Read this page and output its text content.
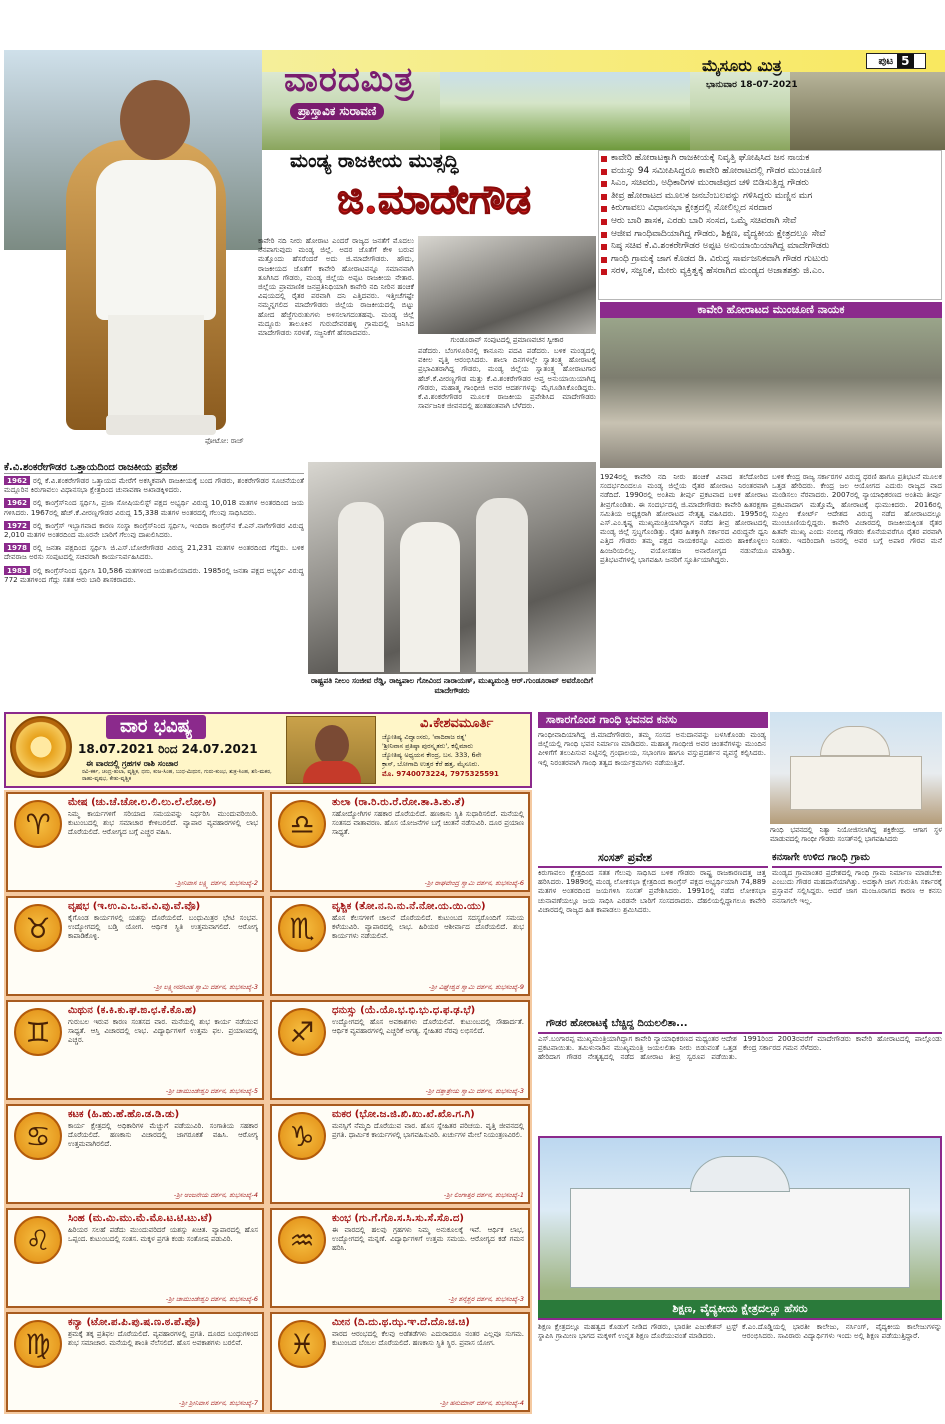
ವಾರದಮಿತ್ರ
ಪ್ರಾಸ್ತಾವಿಕ ಸುರಾವಣಿ
ಮೈಸೂರು ಮಿತ್ರ
ಭಾನುವಾರ 18-07-2021
ಪುಟ 5
ಫೋಟೋ: ರಾಜ್
ಮಂಡ್ಯ ರಾಜಕೀಯ ಮುತ್ಸದ್ಧಿ
ಜಿ.ಮಾದೇಗೌಡ
ಕಾವೇರಿ ಹೋರಾಟಕ್ಕಾಗಿ ರಾಜಕೀಯಕ್ಕೆ ನಿವೃತ್ತಿ ಘೋಷಿಸಿದ ಜನ ನಾಯಕ
ವಯಸ್ಸು 94 ಸಮೀಪಿಸಿದ್ದರೂ ಕಾವೇರಿ ಹೋರಾಟದಲ್ಲಿ ಗೌಡರ ಮುಂಚೂಣಿ
ಸಿಎಂ, ಸಚಿವರು, ಅಧಿಕಾರಿಗಳ ಮುರಾಜಿವುದ ಚಳಿ ಬಿಡಿಸುತ್ತಿದ್ದ ಗೌಡರು
ತೀವ್ರ ಹೋರಾಟದ ಮೂಲಕ ಜನಬೆಂಬಲವನ್ನು ಗಳಿಸಿದ್ದರು ಮಣ್ಣಿನ ಮಗ
ಕಿರುಗಾವಲು ವಿಧಾನಸಭಾ ಕ್ಷೇತ್ರದಲ್ಲಿ ಸೋಲಿಲ್ಲದ ಸರದಾರ
ಆರು ಬಾರಿ ಶಾಸಕ, ಎರಡು ಬಾರಿ ಸಂಸದ, ಒಮ್ಮೆ ಸಚಿವರಾಗಿ ಸೇವೆ
ಆಜೀವ ಗಾಂಧಿವಾದಿಯಾಗಿದ್ದ ಗೌಡರು, ಶಿಕ್ಷಣ, ವೈದ್ಯಕೀಯ ಕ್ಷೇತ್ರದಲ್ಲೂ ಸೇವೆ
ನಿಷ್ಠ ಸಚಿವ ಕೆ.ವಿ.ಶಂಕರೇಗೌಡರ ಅಪ್ಪಟ ಅನುಯಾಯಿಯಾಗಿದ್ದ ಮಾದೇಗೌಡರು
ಗಾಂಧಿ ಗ್ರಾಮಕ್ಕೆ ಜಾಗ ಕೊಡದ ಡಿ. ವಿರುದ್ಧ ಸಾರ್ವಜನಿಕವಾಗಿ ಗೌಡರ ಗುಟುರು
ಸರಳ, ಸಜ್ಜನಿಕೆ, ಮೇರು ವ್ಯಕ್ತಿತ್ವಕ್ಕೆ ಹೆಸರಾಗಿದ ಮಂಡ್ಯದ ಅಜಾತಶತ್ರು ಜಿ.ಎಂ.
ಕಾವೇರಿ ನದಿ ನೀರು ಹೋರಾಟ ಎಂದರೆ ರಾಜ್ಯದ ಜನತೆಗೆ ಮೊದಲು ನೆನಪಾಗುವುದು ಮಂಡ್ಯ ಜಿಲ್ಲೆ. ಅದರ ಜೊತೆಗೆ ಕೇಳಿ ಬರುವ ಮತ್ತೊಂದು ಹೆಸರೆಂದರೆ ಅದು ಜಿ.ಮಾದೇಗೌಡರು. ಹೌದು, ರಾಜಕೀಯದ ಜೊತೆಗೆ ಕಾವೇರಿ ಹೋರಾಟವನ್ನೂ ಸಮಾನವಾಗಿ ತೂಗಿಸಿದ ಗೌಡರು, ಮಂಡ್ಯ ಜಿಲ್ಲೆಯ ಅಪ್ಪಟ ರಾಜಕೀಯ ನೇತಾರ. ಜಿಲ್ಲೆಯ ಪ್ರಾಮಾಣಿಕ ಜನಪ್ರತಿನಿಧಿಯಾಗಿ ಕಾವೇರಿ ನದಿ ನೀರಿನ ಹಂಚಿಕೆ ವಿಷಯದಲ್ಲಿ ರೈತರ ಪರವಾಗಿ ದನಿ ಎತ್ತಿದವರು. ಇತ್ತೀಚೆಗಷ್ಟೇ ನಮ್ಮನ್ನಗಲಿದ ಮಾದೇಗೌಡರು ಜಿಲ್ಲೆಯ ರಾಜಕೀಯದಲ್ಲಿ ಬಿಟ್ಟು ಹೋದ ಹೆಜ್ಜೆಗುರುತುಗಳು ಅಳಿಸಲಾಗದಂತಹವು. ಮಂಡ್ಯ ಜಿಲ್ಲೆ ಮದ್ದೂರು ತಾಲೂಕಿನ ಗುರುದೇವರಹಳ್ಳಿ ಗ್ರಾಮದಲ್ಲಿ ಜನಿಸಿದ ಮಾದೇಗೌಡರು ಸರಳತೆ, ಸಜ್ಜನಿಕೆಗೆ ಹೆಸರಾದವರು.
ಗುಂಡೂರಾವ್ ಸಂಪುಟದಲ್ಲಿ ಪ್ರಮಾಣವಚನ ಸ್ವೀಕಾರ
ಪಡೆದರು. ಬೆಂಗಳೂರಿನಲ್ಲಿ ಕಾನೂನು ಪದವಿ ಪಡೆದರು. ಬಳಿಕ ಮಂಡ್ಯದಲ್ಲಿ ವಕೀಲ ವೃತ್ತಿ ಆರಂಭಿಸಿದರು. ಶಾಲಾ ದಿನಗಳಲ್ಲೇ ಸ್ವಾತಂತ್ರ್ಯ ಹೋರಾಟಕ್ಕೆ ಪ್ರಭಾವಿತರಾಗಿದ್ದ ಗೌಡರು, ಮಂಡ್ಯ ಜಿಲ್ಲೆಯ ಸ್ವಾತಂತ್ರ್ಯ ಹೋರಾಟಗಾರ ಹೆಚ್.ಕೆ.ವೀರಣ್ಣಗೌಡ ಮತ್ತು ಕೆ.ವಿ.ಶಂಕರೇಗೌಡರ ಆಪ್ತ ಅನುಯಾಯಿಯಾಗಿದ್ದ ಗೌಡರು, ಮಹಾತ್ಮ ಗಾಂಧೀಜಿ ಅವರ ಆದರ್ಶಗಳನ್ನು ಮೈಗೂಡಿಸಿಕೊಂಡಿದ್ದರು. ಕೆ.ವಿ.ಶಂಕರೇಗೌಡರ ಮೂಲಕ ರಾಜಕೀಯ ಪ್ರವೇಶಿಸಿದ ಮಾದೇಗೌಡರು ಸಾರ್ವಜನಿಕ ಜೀವನದಲ್ಲಿ ಹಂತಹಂತವಾಗಿ ಬೆಳೆದರು.
ಕೆ.ವಿ.ಶಂಕರೇಗೌಡರ ಒತ್ತಾಯದಿಂದ ರಾಜಕೀಯ ಪ್ರವೇಶ
1962 ರಲ್ಲಿ ಕೆ.ವಿ.ಶಂಕರೇಗೌಡರ ಒತ್ತಾಯದ ಮೇರೆಗೆ ಅಕಸ್ಮಿಕವಾಗಿ ರಾಜಕೀಯಕ್ಕೆ ಬಂದ ಗೌಡರು, ಶಂಕರೇಗೌಡರ ಸೂಚನೆಯಂತೆ ಮದ್ದೂರಿನ ಕಿರುಗಾವಲು ವಿಧಾನಸಭಾ ಕ್ಷೇತ್ರದಿಂದ ಚುನಾವಣಾ ಅಖಾಡಕ್ಕಿಳಿದರು.
1962 ರಲ್ಲಿ ಕಾಂಗ್ರೆಸ್‌ನಿಂದ ಸ್ಪರ್ಧಿಸಿ, ಪ್ರಜಾ ಸೋಷಿಯಲಿಸ್ಟ್ ಪಕ್ಷದ ಅಭ್ಯರ್ಥಿ ವಿರುದ್ಧ 10,018 ಮತಗಳ ಅಂತರದಿಂದ ಜಯ ಗಳಿಸಿದರು. 1967ರಲ್ಲಿ ಹೆಚ್.ಕೆ.ವೀರಣ್ಣಗೌಡರ ವಿರುದ್ಧ 15,338 ಮತಗಳ ಅಂತರದಲ್ಲಿ ಗೆಲುವು ಸಾಧಿಸಿದರು.
1972 ರಲ್ಲಿ ಕಾಂಗ್ರೆಸ್ ಇಬ್ಭಾಗವಾದ ಕಾರಣ ಸಂಸ್ಥಾ ಕಾಂಗ್ರೆಸ್‌ನಿಂದ ಸ್ಪರ್ಧಿಸಿ, ಇಂದಿರಾ ಕಾಂಗ್ರೆಸ್‌ನ ಕೆ.ಎನ್.ನಾಗೇಗೌಡರ ವಿರುದ್ಧ 2,010 ಮತಗಳ ಅಂತರದಿಂದ ಮೂರನೇ ಬಾರಿಗೆ ಗೆಲುವು ದಾಖಲಿಸಿದರು.
1978 ರಲ್ಲಿ ಜನತಾ ಪಕ್ಷದಿಂದ ಸ್ಪರ್ಧಿಸಿ ಜಿ.ಎಸ್.ಬೋರೇಗೌಡರ ವಿರುದ್ಧ 21,231 ಮತಗಳ ಅಂತರದಿಂದ ಗೆದ್ದರು. ಬಳಿಕ ದೇವರಾಜ ಅರಸು ಸಂಪುಟದಲ್ಲಿ ಸಚಿವರಾಗಿ ಕಾರ್ಯನಿರ್ವಹಿಸಿದರು.
1983 ರಲ್ಲಿ ಕಾಂಗ್ರೆಸ್‌ನಿಂದ ಸ್ಪರ್ಧಿಸಿ 10,586 ಮತಗಳಿಂದ ಜಯಶಾಲಿಯಾದರು. 1985ರಲ್ಲಿ ಜನತಾ ಪಕ್ಷದ ಅಭ್ಯರ್ಥಿ ವಿರುದ್ಧ 772 ಮತಗಳಿಂದ ಗೆದ್ದು ಸತತ ಆರು ಬಾರಿ ಶಾಸಕರಾದರು.
ರಾಷ್ಟ್ರಪತಿ ನೀಲಂ ಸಂಜೀವ ರೆಡ್ಡಿ, ರಾಜ್ಯಪಾಲ ಗೋವಿಂದ ನಾರಾಯಣ್, ಮುಖ್ಯಮಂತ್ರಿ ಆರ್.ಗುಂಡೂರಾವ್ ಅವರೊಂದಿಗೆ ಮಾದೇಗೌಡರು
ಕಾವೇರಿ ಹೋರಾಟದ ಮುಂಚೂಣಿ ನಾಯಕ
1924ರಲ್ಲಿ ಕಾವೇರಿ ನದಿ ನೀರು ಹಂಚಿಕೆ ವಿವಾದ ತಲೆದೋರಿದ ಸಂದರ್ಭದಿಂದಲೂ ಮಂಡ್ಯ ಜಿಲ್ಲೆಯ ರೈತರ ಹೋರಾಟ ನಿರಂತರವಾಗಿ ನಡೆದಿದೆ. 1990ರಲ್ಲಿ ಅಂತಿಮ ತೀರ್ಪು ಪ್ರಕಟವಾದ ಬಳಿಕ ಹೋರಾಟ ತೀವ್ರಗೊಂಡಿತು. ಈ ಸಂದರ್ಭದಲ್ಲಿ ಜಿ.ಮಾದೇಗೌಡರು ಕಾವೇರಿ ಹಿತರಕ್ಷಣಾ ಸಮಿತಿಯ ಅಧ್ಯಕ್ಷರಾಗಿ ಹೋರಾಟದ ನೇತೃತ್ವ ವಹಿಸಿದರು. 1995ರಲ್ಲಿ ಎಸ್.ಎಂ.ಕೃಷ್ಣ ಮುಖ್ಯಮಂತ್ರಿಯಾಗಿದ್ದಾಗ ನಡೆದ ತೀವ್ರ ಹೋರಾಟದಲ್ಲಿ ಮಂಡ್ಯ ಜಿಲ್ಲೆ ಸ್ತಬ್ಧಗೊಂಡಿತ್ತು. ರೈತರ ಹಿತಕ್ಕಾಗಿ ಸರ್ಕಾರದ ವಿರುದ್ಧವೇ ಧ್ವನಿ ಎತ್ತಿದ ಗೌಡರು ತಮ್ಮ ಪಕ್ಷದ ನಾಯಕರನ್ನೂ ಎದುರು ಹಾಕಿಕೊಳ್ಳಲು ಹಿಂಜರಿಯಲಿಲ್ಲ. ವಯೋಸಹಜ ಅನಾರೋಗ್ಯದ ನಡುವೆಯೂ ಪ್ರತಿಭಟನೆಗಳಲ್ಲಿ ಭಾಗವಹಿಸಿ ಜನರಿಗೆ ಸ್ಫೂರ್ತಿಯಾಗಿದ್ದರು.
ಬಳಿಕ ಕೇಂದ್ರ ರಾಜ್ಯ ಸರ್ಕಾರಗಳ ವಿರುದ್ಧ ಧರಣಿ ಹಾಗೂ ಪ್ರತಿಭಟನೆ ಮೂಲಕ ಒತ್ತಡ ಹೇರಿದರು. ಕೇಂದ್ರ ಜಲ ಆಯೋಗದ ಎದುರು ರಾಜ್ಯದ ವಾದ ಮಂಡಿಸಲು ನೆರವಾದರು. 2007ರಲ್ಲಿ ನ್ಯಾಯಾಧಿಕರಣದ ಅಂತಿಮ ತೀರ್ಪು ಪ್ರಕಟವಾದಾಗ ಮತ್ತೊಮ್ಮೆ ಹೋರಾಟಕ್ಕೆ ಧುಮುಕಿದರು. 2016ರಲ್ಲಿ ಸುಪ್ರೀಂ ಕೋರ್ಟ್ ಆದೇಶದ ವಿರುದ್ಧ ನಡೆದ ಹೋರಾಟದಲ್ಲೂ ಮುಂಚೂಣಿಯಲ್ಲಿದ್ದರು. ಕಾವೇರಿ ವಿಚಾರದಲ್ಲಿ ರಾಜಕೀಯಕ್ಕಿಂತ ರೈತರ ಹಿತವೇ ಮುಖ್ಯ ಎಂದು ನಂಬಿದ್ದ ಗೌಡರು ಕೊನೆಯವರೆಗೂ ರೈತರ ಪರವಾಗಿ ನಿಂತರು. ಇದರಿಂದಾಗಿ ಜನರಲ್ಲಿ ಅವರ ಬಗ್ಗೆ ಅಪಾರ ಗೌರವ ಮನೆ ಮಾಡಿತ್ತು.
ವಾರ ಭವಿಷ್ಯ
18.07.2021 ರಿಂದ 24.07.2021
ಈ ವಾರದಲ್ಲಿ ಗ್ರಹಗಳ ರಾಶಿ ಸಂಚಾರ
ರವಿ-ಕರ್ಕ, ಚಂದ್ರ-ತುಲಾ, ವೃಶ್ಚಿಕ, ಧನು, ಕುಜ-ಸಿಂಹ, ಬುಧ-ಮಿಥುನ, ಗುರು-ಕುಂಭ, ಶುಕ್ರ-ಸಿಂಹ, ಶನಿ-ಮಕರ, ರಾಹು-ವೃಷಭ, ಕೇತು-ವೃಶ್ಚಿಕ
ವಿ.ಕೇಶವಮೂರ್ತಿ
ಜ್ಯೋತಿಷ್ಯ ವಿದ್ವಾಂಸರು, 'ವಾದಿರಾಜ ರತ್ನ'
'ಶ್ರೀನಿವಾಸ ಪ್ರತಿಷ್ಠಾ ಪುರಸ್ಕೃತರು', ಕಲ್ಲಿಮಾರು
ಜ್ಯೋತಿಷ್ಯ ಅಧ್ಯಯನ ಕೇಂದ್ರ, ಬಸ. 333, 6ನೇ
ಕ್ರಾಸ್, ಬೋಗಾದಿ ಉತ್ತರ ಕೆರೆ ಹತ್ತ, ಮೈಸೂರು.
ಮೊ. 9740073224, 7975325591
♈
ಮೇಷ (ಚು.ಚೆ.ಚೋ.ಲ.ಲಿ.ಲು.ಲೆ.ಲೋ.ಅ)
ನಿಮ್ಮ ಕಾರ್ಯಗಳಿಗೆ ಸರಿಯಾದ ಸಮಯವನ್ನು ನಿರ್ಧರಿಸಿ ಮುಂದುವರಿಯಿರಿ. ಕುಟುಂಬದಲ್ಲಿ ಶುಭ ಸಮಾಚಾರ ಕೇಳಿಬರಲಿದೆ. ವ್ಯಾಪಾರ ವ್ಯವಹಾರಗಳಲ್ಲಿ ಲಾಭ ದೊರೆಯಲಿದೆ. ಆರೋಗ್ಯದ ಬಗ್ಗೆ ಎಚ್ಚರ ವಹಿಸಿ.
-ಶ್ರೀನಿವಾಸ ಲಕ್ಷ್ಮಿ ದರ್ಶನ, ಶುಭಸಂಖ್ಯೆ-2
♎
ತುಲಾ (ರಾ.ರಿ.ರು.ರೆ.ರೋ.ತಾ.ತಿ.ತು.ತೆ)
ಸಹೋದ್ಯೋಗಿಗಳ ಸಹಕಾರ ದೊರೆಯಲಿದೆ. ಹಣಕಾಸು ಸ್ಥಿತಿ ಸುಧಾರಿಸಲಿದೆ. ಮನೆಯಲ್ಲಿ ಸಂತಸದ ವಾತಾವರಣ. ಹೊಸ ಯೋಜನೆಗಳ ಬಗ್ಗೆ ಚಿಂತನೆ ನಡೆಸುವಿರಿ. ದೂರ ಪ್ರಯಾಣ ಸಾಧ್ಯತೆ.
-ಶ್ರೀ ರಾಘವೇಂದ್ರ ಸ್ವಾಮಿ ದರ್ಶನ, ಶುಭಸಂಖ್ಯೆ-6
♉
ವೃಷಭ (ಇ.ಉ.ಎ.ಒ.ವ.ವಿ.ವು.ವೆ.ವೊ)
ಕೈಗೊಂಡ ಕಾರ್ಯಗಳಲ್ಲಿ ಯಶಸ್ಸು ದೊರೆಯಲಿದೆ. ಬಂಧುಮಿತ್ರರ ಭೇಟಿ ಸಂಭವ. ಉದ್ಯೋಗದಲ್ಲಿ ಬಡ್ತಿ ಯೋಗ. ಆರ್ಥಿಕ ಸ್ಥಿತಿ ಉತ್ತಮವಾಗಲಿದೆ. ಆರೋಗ್ಯ ಕಾಪಾಡಿಕೊಳ್ಳಿ.
-ಶ್ರೀ ಲಕ್ಷ್ಮೀನರಸಿಂಹ ಸ್ವಾಮಿ ದರ್ಶನ, ಶುಭಸಂಖ್ಯೆ-3
♏
ವೃಶ್ಚಿಕ (ತೋ.ನ.ನಿ.ನು.ನೆ.ನೋ.ಯ.ಯಿ.ಯು)
ಹೊಸ ಕೆಲಸಗಳಿಗೆ ಚಾಲನೆ ದೊರೆಯಲಿದೆ. ಕುಟುಂಬದ ಸದಸ್ಯರೊಂದಿಗೆ ಸಮಯ ಕಳೆಯುವಿರಿ. ವ್ಯಾಪಾರದಲ್ಲಿ ಲಾಭ. ಹಿರಿಯರ ಆಶೀರ್ವಾದ ದೊರೆಯಲಿದೆ. ಶುಭ ಕಾರ್ಯಗಳು ನಡೆಯಲಿವೆ.
-ಶ್ರೀ ವಿಘ್ನೇಶ್ವರ ಸ್ವಾಮಿ ದರ್ಶನ, ಶುಭಸಂಖ್ಯೆ-9
♊
ಮಿಥುನ (ಕ.ಕಿ.ಕು.ಘ.ಙ.ಛ.ಕೆ.ಕೊ.ಹ)
ಗುರುಬಲ ಇರುವ ಕಾರಣ ಸಂತಸದ ವಾರ. ಮನೆಯಲ್ಲಿ ಶುಭ ಕಾರ್ಯ ನಡೆಯುವ ಸಾಧ್ಯತೆ. ಆಸ್ತಿ ವಿಚಾರದಲ್ಲಿ ಲಾಭ. ವಿದ್ಯಾರ್ಥಿಗಳಿಗೆ ಉತ್ತಮ ಫಲ. ಪ್ರಯಾಣದಲ್ಲಿ ಎಚ್ಚರ.
-ಶ್ರೀ ಚಾಮುಂಡೇಶ್ವರಿ ದರ್ಶನ, ಶುಭಸಂಖ್ಯೆ-5
♐
ಧನುಸ್ಸು (ಯೆ.ಯೊ.ಭ.ಭಿ.ಭು.ಧ.ಫ.ಢ.ಭೆ)
ಉದ್ಯೋಗದಲ್ಲಿ ಹೊಸ ಅವಕಾಶಗಳು ದೊರೆಯಲಿವೆ. ಕುಟುಂಬದಲ್ಲಿ ಸೌಹಾರ್ದತೆ. ಆರ್ಥಿಕ ವ್ಯವಹಾರಗಳಲ್ಲಿ ಎಚ್ಚರಿಕೆ ಅಗತ್ಯ. ಸ್ನೇಹಿತರ ನೆರವು ಲಭಿಸಲಿದೆ.
-ಶ್ರೀ ದತ್ತಾತ್ರೇಯ ಸ್ವಾಮಿ ದರ್ಶನ, ಶುಭಸಂಖ್ಯೆ-3
♋
ಕಟಕ (ಹಿ.ಹು.ಹೆ.ಹೊ.ಡ.ಡಿ.ಡು)
ಕಾರ್ಯ ಕ್ಷೇತ್ರದಲ್ಲಿ ಅಧಿಕಾರಿಗಳ ಮೆಚ್ಚುಗೆ ಪಡೆಯುವಿರಿ. ಸಂಗಾತಿಯ ಸಹಕಾರ ದೊರೆಯಲಿದೆ. ಹಣಕಾಸು ವಿಚಾರದಲ್ಲಿ ಜಾಗರೂಕತೆ ವಹಿಸಿ. ಆರೋಗ್ಯ ಉತ್ತಮವಾಗಿರಲಿದೆ.
-ಶ್ರೀ ಆಂಜನೇಯ ದರ್ಶನ, ಶುಭಸಂಖ್ಯೆ-4
♑
ಮಕರ (ಭೋ.ಜ.ಜಿ.ಖಿ.ಖು.ಖೆ.ಖೊ.ಗ.ಗಿ)
ಮನಸ್ಸಿಗೆ ನೆಮ್ಮದಿ ದೊರೆಯುವ ವಾರ. ಹೊಸ ಸ್ನೇಹಿತರ ಪರಿಚಯ. ವೃತ್ತಿ ಜೀವನದಲ್ಲಿ ಪ್ರಗತಿ. ಧಾರ್ಮಿಕ ಕಾರ್ಯಗಳಲ್ಲಿ ಭಾಗವಹಿಸುವಿರಿ. ಖರ್ಚುಗಳ ಮೇಲೆ ನಿಯಂತ್ರಣವಿರಲಿ.
-ಶ್ರೀ ಲಿಂಗಾತ್ತರ ದರ್ಶನ, ಶುಭಸಂಖ್ಯೆ-1
♌
ಸಿಂಹ (ಮ.ಮಿ.ಮು.ಮೆ.ಮೊ.ಟ.ಟಿ.ಟು.ಟೆ)
ಹಿರಿಯರ ಸಲಹೆ ಪಡೆದು ಮುಂದುವರಿದರೆ ಯಶಸ್ಸು ಖಚಿತ. ವ್ಯಾಪಾರದಲ್ಲಿ ಹೊಸ ಒಪ್ಪಂದ. ಕುಟುಂಬದಲ್ಲಿ ಸಂತಸ. ಮಕ್ಕಳ ಪ್ರಗತಿ ಕಂಡು ಸಂತೋಷ ಪಡುವಿರಿ.
-ಶ್ರೀ ಚಾಮುಂಡೇಶ್ವರಿ ದರ್ಶನ, ಶುಭಸಂಖ್ಯೆ-6
♒
ಕುಂಭ (ಗು.ಗೆ.ಗೊ.ಸ.ಸಿ.ಸು.ಸೆ.ಸೊ.ದ)
ಈ ವಾರದಲ್ಲಿ ಹಲವು ಗ್ರಹಗಳು ನಿಮ್ಮ ಅನುಕೂಲಕ್ಕೆ ಇವೆ. ಆರ್ಥಿಕ ಲಾಭ, ಉದ್ಯೋಗದಲ್ಲಿ ಮನ್ನಣೆ. ವಿದ್ಯಾರ್ಥಿಗಳಿಗೆ ಉತ್ತಮ ಸಮಯ. ಆರೋಗ್ಯದ ಕಡೆ ಗಮನ ಹರಿಸಿ.
-ಶ್ರೀ ಶನೈಶ್ಚರ ದರ್ಶನ, ಶುಭಸಂಖ್ಯೆ-3
♍
ಕನ್ಯಾ (ಟೋ.ಪ.ಪಿ.ಪು.ಷ.ಣ.ಠ.ಪೆ.ಪೊ)
ಶ್ರಮಕ್ಕೆ ತಕ್ಕ ಪ್ರತಿಫಲ ದೊರೆಯಲಿದೆ. ವ್ಯವಹಾರಗಳಲ್ಲಿ ಪ್ರಗತಿ. ದೂರದ ಬಂಧುಗಳಿಂದ ಶುಭ ಸಮಾಚಾರ. ಮನೆಯಲ್ಲಿ ಶಾಂತಿ ನೆಲೆಸಲಿದೆ. ಹೊಸ ಅವಕಾಶಗಳು ಬರಲಿವೆ.
-ಶ್ರೀ ಶ್ರೀನಿವಾಸ ದರ್ಶನ, ಶುಭಸಂಖ್ಯೆ-7
♓
ಮೀನ (ದಿ.ದು.ಥ.ಝ.ಞ.ದೆ.ದೊ.ಚ.ಚಿ)
ವಾರದ ಆರಂಭದಲ್ಲಿ ಕೆಲವು ಅಡೆತಡೆಗಳು ಎದುರಾದರೂ ನಂತರ ಎಲ್ಲವೂ ಸುಗಮ. ಕುಟುಂಬದ ಬೆಂಬಲ ದೊರೆಯಲಿದೆ. ಹಣಕಾಸು ಸ್ಥಿತಿ ಸ್ಥಿರ. ಪ್ರವಾಸ ಯೋಗ.
-ಶ್ರೀ ಹನುಮಾನ್ ದರ್ಶನ, ಶುಭಸಂಖ್ಯೆ-4
ಸಾಕಾರಗೊಂಡ ಗಾಂಧಿ ಭವನದ ಕನಸು
ಗಾಂಧೀವಾದಿಯಾಗಿದ್ದ ಜಿ.ಮಾದೇಗೌಡರು, ತಮ್ಮ ಸಂಸದ ಅನುದಾನವನ್ನು ಬಳಸಿಕೊಂಡು ಮಂಡ್ಯ ಜಿಲ್ಲೆಯಲ್ಲಿ ಗಾಂಧಿ ಭವನ ನಿರ್ಮಾಣ ಮಾಡಿದರು. ಮಹಾತ್ಮ ಗಾಂಧೀಜಿ ಅವರ ಚಿಂತನೆಗಳನ್ನು ಮುಂದಿನ ಪೀಳಿಗೆಗೆ ತಲುಪಿಸುವ ನಿಟ್ಟಿನಲ್ಲಿ ಗ್ರಂಥಾಲಯ, ಸಭಾಂಗಣ ಹಾಗೂ ವಸ್ತುಪ್ರದರ್ಶನ ವ್ಯವಸ್ಥೆ ಕಲ್ಪಿಸಿದರು. ಇಲ್ಲಿ ನಿರಂತರವಾಗಿ ಗಾಂಧಿ ತತ್ವದ ಕಾರ್ಯಕ್ರಮಗಳು ನಡೆಯುತ್ತಿವೆ.
ಗಾಂಧಿ ಭವನದಲ್ಲಿ ನಿತ್ಯಾ ನಿಯೋಜಿಸಲಾಗಿದ್ದ ಶಕ್ತಿಕೇಂದ್ರ. ಆಗಾಗ ಸ್ಥಳ ಮಾಡುವದಲ್ಲಿ ಗಾಂಧೀ ಗೌಡರು ಸಂಸತ್‌ನಲ್ಲಿ ಭಾಗವಹಿಸಿದರು
ಸಂಸತ್ ಪ್ರವೇಶ
ಕಿರುಗಾವಲು ಕ್ಷೇತ್ರದಿಂದ ಸತತ ಗೆಲುವು ಸಾಧಿಸಿದ ಬಳಿಕ ಗೌಡರು ರಾಷ್ಟ್ರ ರಾಜಕಾರಣದತ್ತ ಚಿತ್ತ ಹರಿಸಿದರು. 1989ರಲ್ಲಿ ಮಂಡ್ಯ ಲೋಕಸಭಾ ಕ್ಷೇತ್ರದಿಂದ ಕಾಂಗ್ರೆಸ್ ಪಕ್ಷದ ಅಭ್ಯರ್ಥಿಯಾಗಿ 74,889 ಮತಗಳ ಅಂತರದಿಂದ ಜಯಗಳಿಸಿ ಸಂಸತ್ ಪ್ರವೇಶಿಸಿದರು. 1991ರಲ್ಲಿ ನಡೆದ ಲೋಕಸಭಾ ಚುನಾವಣೆಯಲ್ಲೂ ಜಯ ಸಾಧಿಸಿ ಎರಡನೇ ಬಾರಿಗೆ ಸಂಸದರಾದರು. ದೆಹಲಿಯಲ್ಲಿದ್ದಾಗಲೂ ಕಾವೇರಿ ವಿಚಾರದಲ್ಲಿ ರಾಜ್ಯದ ಹಿತ ಕಾಪಾಡಲು ಶ್ರಮಿಸಿದರು.
ಕನಸಾಗೇ ಉಳಿದ ಗಾಂಧಿ ಗ್ರಾಮ
ಮಂಡ್ಯದ ಗ್ರಾಮಾಂತರ ಪ್ರದೇಶದಲ್ಲಿ ಗಾಂಧಿ ಗ್ರಾಮ ನಿರ್ಮಾಣ ಮಾಡಬೇಕು ಎಂಬುದು ಗೌಡರ ಮಹದಾಸೆಯಾಗಿತ್ತು. ಅದಕ್ಕಾಗಿ ಜಾಗ ಗುರುತಿಸಿ ಸರ್ಕಾರಕ್ಕೆ ಪ್ರಸ್ತಾವನೆ ಸಲ್ಲಿಸಿದ್ದರು. ಆದರೆ ಜಾಗ ಮಂಜೂರಾಗದ ಕಾರಣ ಆ ಕನಸು ನನಸಾಗಲೇ ಇಲ್ಲ.
ಗೌಡರ ಹೋರಾಟಕ್ಕೆ ಬೆಚ್ಚಿದ್ದ ದಿಯಲಲಿತಾ...
ಎಸ್.ಬಂಗಾರಪ್ಪ ಮುಖ್ಯಮಂತ್ರಿಯಾಗಿದ್ದಾಗ ಕಾವೇರಿ ನ್ಯಾಯಾಧಿಕರಣದ ಮಧ್ಯಂತರ ಆದೇಶ ಪ್ರಕಟವಾಯಿತು. ತಮಿಳುನಾಡಿನ ಮುಖ್ಯಮಂತ್ರಿ ಜಯಲಲಿತಾ ನೀರು ಬಿಡುವಂತೆ ಒತ್ತಡ ಹೇರಿದಾಗ ಗೌಡರ ನೇತೃತ್ವದಲ್ಲಿ ನಡೆದ ಹೋರಾಟ ತೀವ್ರ ಸ್ವರೂಪ ಪಡೆಯಿತು. 1991ರಿಂದ 2003ರವರೆಗೆ ಮಾದೇಗೌಡರು ಕಾವೇರಿ ಹೋರಾಟದಲ್ಲಿ ಪಾಲ್ಗೊಂಡು ಕೇಂದ್ರ ಸರ್ಕಾರದ ಗಮನ ಸೆಳೆದರು.
ಶಿಕ್ಷಣ, ವೈದ್ಯಕೀಯ ಕ್ಷೇತ್ರದಲ್ಲೂ ಹೆಸರು
ಶಿಕ್ಷಣ ಕ್ಷೇತ್ರದಲ್ಲೂ ಮಹತ್ವದ ಕೊಡುಗೆ ನೀಡಿದ ಗೌಡರು, ಭಾರತೀ ಎಜುಕೇಶನ್ ಟ್ರಸ್ಟ್ ಸ್ಥಾಪಿಸಿ ಗ್ರಾಮೀಣ ಭಾಗದ ಮಕ್ಕಳಿಗೆ ಉನ್ನತ ಶಿಕ್ಷಣ ದೊರೆಯುವಂತೆ ಮಾಡಿದರು.
ಕೆ.ಎಂ.ದೊಡ್ಡಿಯಲ್ಲಿ ಭಾರತೀ ಕಾಲೇಜು, ನರ್ಸಿಂಗ್, ವೈದ್ಯಕೀಯ ಕಾಲೇಜುಗಳನ್ನು ಆರಂಭಿಸಿದರು. ಸಾವಿರಾರು ವಿದ್ಯಾರ್ಥಿಗಳು ಇಂದು ಅಲ್ಲಿ ಶಿಕ್ಷಣ ಪಡೆಯುತ್ತಿದ್ದಾರೆ.
